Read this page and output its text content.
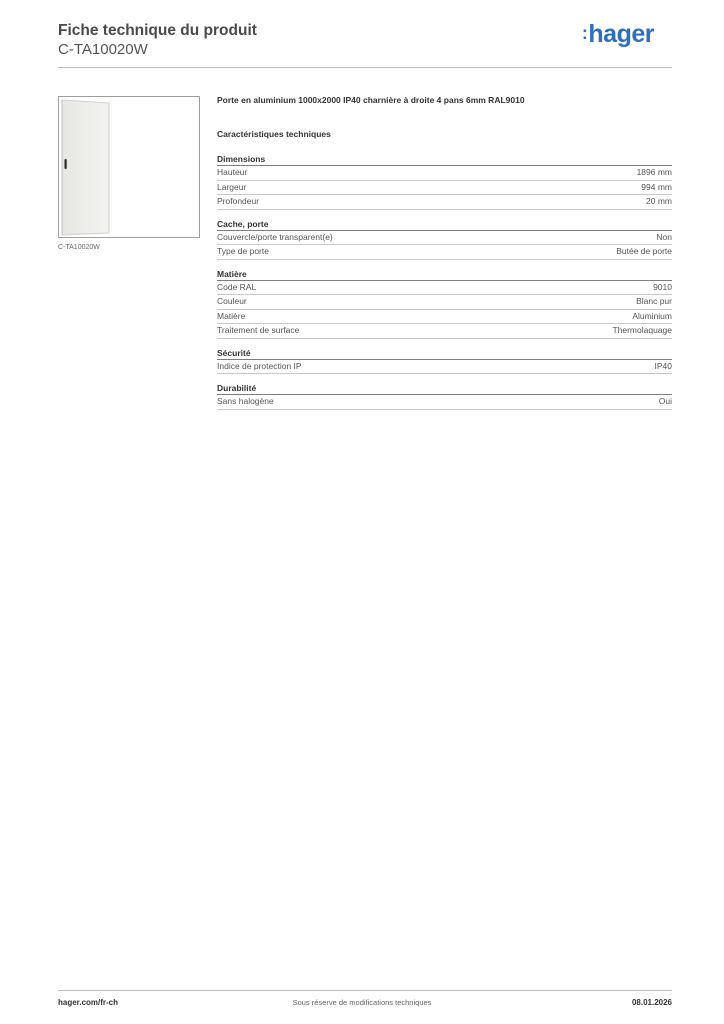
Fiche technique du produit
C-TA10020W
:hager
C-TA10020W
Porte en aluminium 1000x2000 IP40 charnière à droite 4 pans 6mm RAL9010
Caractéristiques techniques
Dimensions
Hauteur	1896 mm
Largeur	994 mm
Profondeur	20 mm
Cache, porte
Couvercle/porte transparent(e)	Non
Type de porte	Butée de porte
Matière
Code RAL	9010
Couleur	Blanc pur
Matière	Aluminium
Traitement de surface	Thermolaquage
Sécurité
Indice de protection IP	IP40
Durabilité
Sans halogène	Oui
hager.com/fr-ch	Sous réserve de modifications techniques	08.01.2026
